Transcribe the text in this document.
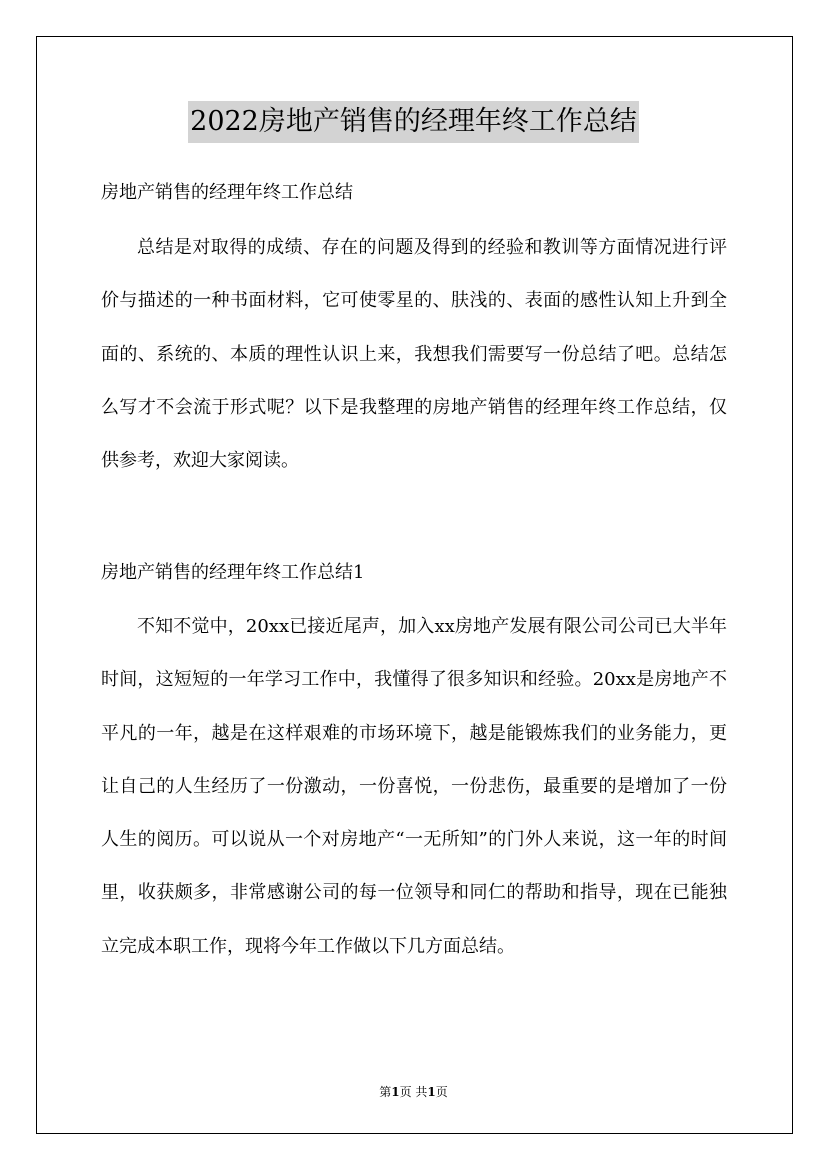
2022房地产销售的经理年终工作总结

房地产销售的经理年终工作总结

总结是对取得的成绩、存在的问题及得到的经验和教训等方面情况进行评价与描述的一种书面材料，它可使零星的、肤浅的、表面的感性认知上升到全面的、系统的、本质的理性认识上来，我想我们需要写一份总结了吧。总结怎么写才不会流于形式呢？以下是我整理的房地产销售的经理年终工作总结，仅供参考，欢迎大家阅读。

房地产销售的经理年终工作总结1

不知不觉中，20xx已接近尾声，加入xx房地产发展有限公司公司已大半年时间，这短短的一年学习工作中，我懂得了很多知识和经验。20xx是房地产不平凡的一年，越是在这样艰难的市场环境下，越是能锻炼我们的业务能力，更让自己的人生经历了一份激动，一份喜悦，一份悲伤，最重要的是增加了一份人生的阅历。可以说从一个对房地产“一无所知”的门外人来说，这一年的时间里，收获颇多，非常感谢公司的每一位领导和同仁的帮助和指导，现在已能独立完成本职工作，现将今年工作做以下几方面总结。

第1页 共1页
